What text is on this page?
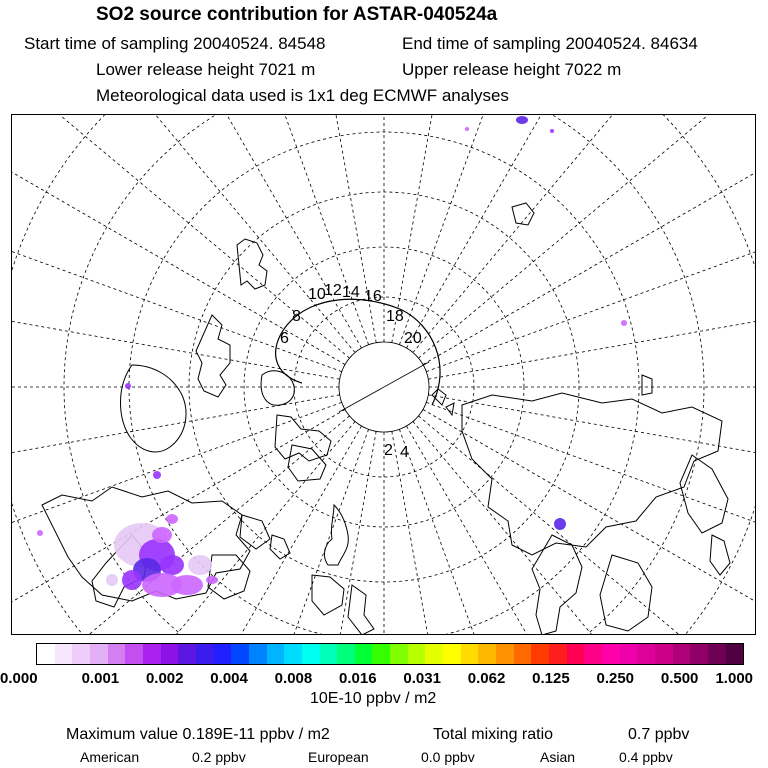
SO2 source contribution for ASTAR-040524a
Start time of sampling 20040524. 84548	End time of sampling 20040524. 84634
Lower release height 7021 m	Upper release height 7022 m
Meteorological data used is 1x1 deg ECMWF analyses
2 4
6
8
10
12 14 16
18
20
0.000	0.001 0.002 0.004 0.008 0.016 0.031 0.062 0.125 0.250 0.500 1.000
10E-10 ppbv / m2
Maximum value 0.189E-11 ppbv / m2	Total mixing ratio	0.7 ppbv
American	0.2 ppbv	European	0.0 ppbv	Asian	0.4 ppbv
